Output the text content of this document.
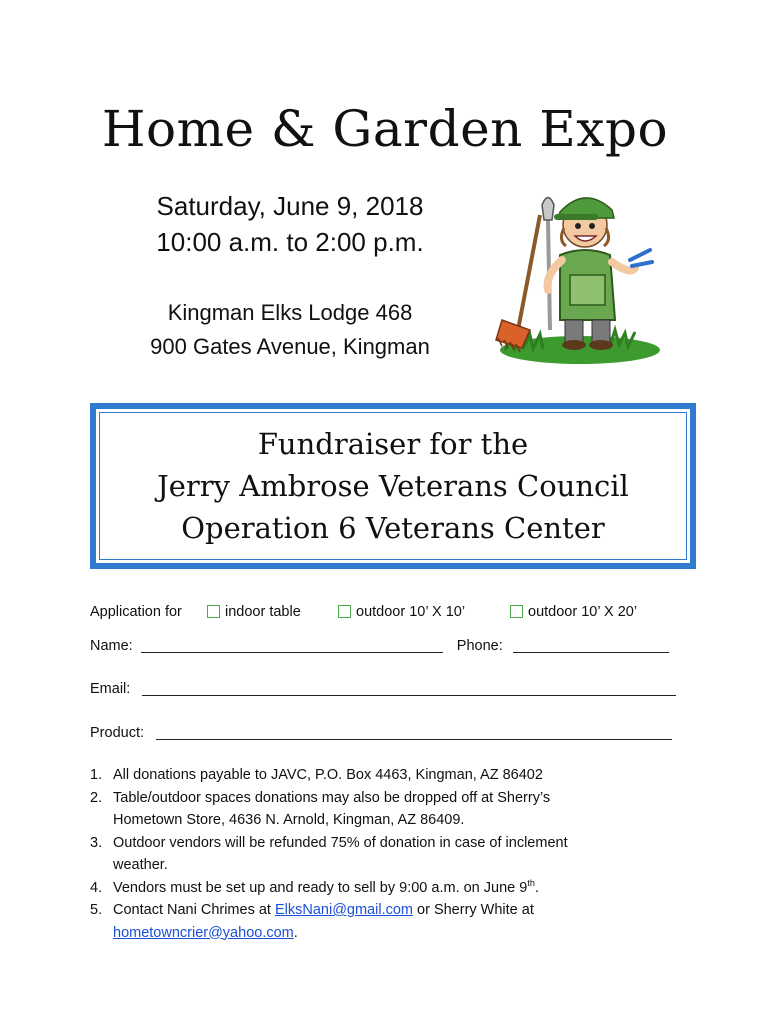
Home & Garden Expo
Saturday, June 9, 2018
10:00 a.m. to 2:00 p.m.
Kingman Elks Lodge 468
900 Gates Avenue, Kingman
Fundraiser for the
Jerry Ambrose Veterans Council
Operation 6 Veterans Center
Application for	indoor table	outdoor 10’ X 10’	outdoor 10’ X 20’
Name:	Phone:
Email:
Product:
1. All donations payable to JAVC, P.O. Box 4463, Kingman, AZ 86402
2. Table/outdoor spaces donations may also be dropped off at Sherry’s
Hometown Store, 4636 N. Arnold, Kingman, AZ 86409.
3. Outdoor vendors will be refunded 75% of donation in case of inclement
weather.
4. Vendors must be set up and ready to sell by 9:00 a.m. on June 9th.
5. Contact Nani Chrimes at ElksNani@gmail.com or Sherry White at
hometowncrier@yahoo.com.
